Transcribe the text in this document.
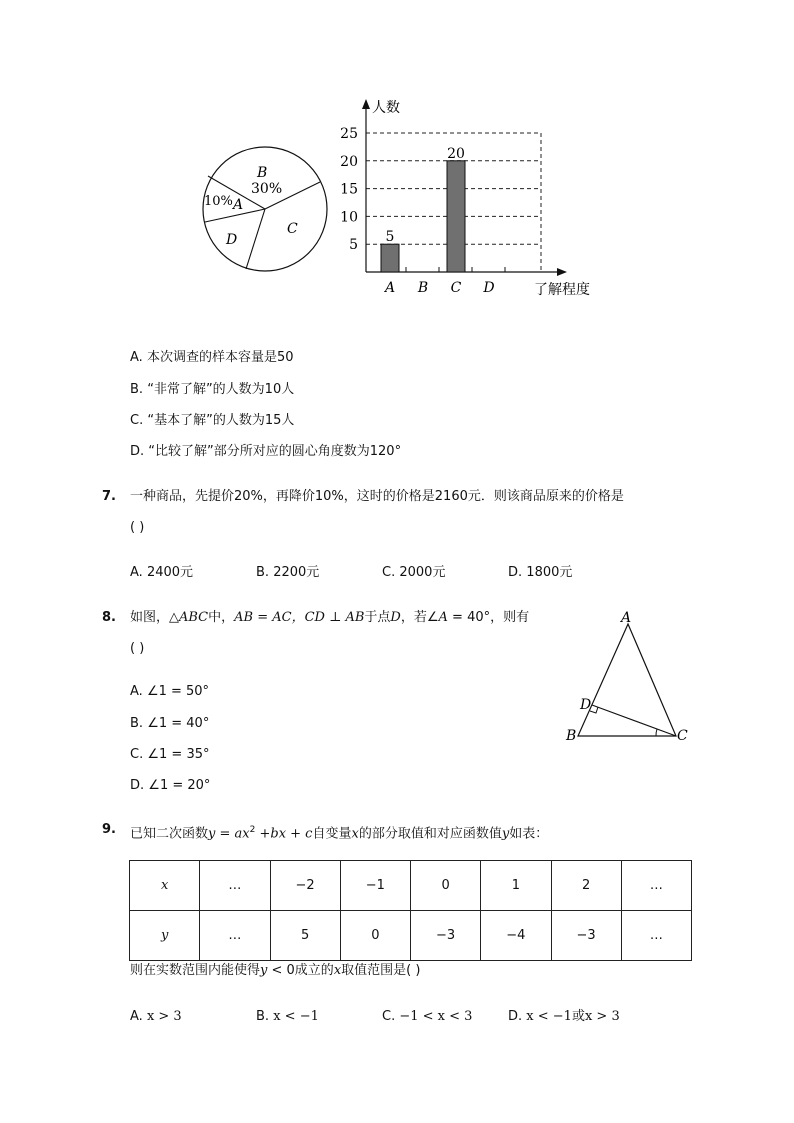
B
30%
10% A
C
D
人数
了解程度
5
10
15
20
25
A B C D
5
20
A. 本次调查的样本容量是50
B. “非常了解”的人数为10人
C. “基本了解”的人数为15人
D. “比较了解”部分所对应的圆心角度数为120°
7. 一种商品，先提价20%，再降价10%，这时的价格是2160元．则该商品原来的价格是
( )
A. 2400元	B. 2200元	C. 2000元	D. 1800元
8. 如图，△ABC中，AB = AC，CD ⊥ AB于点D，若∠A = 40°，则有
( )
A. ∠1 = 50°
B. ∠1 = 40°
C. ∠1 = 35°
D. ∠1 = 20°
A
B	C
D
9. 已知二次函数$y = ax^2 +bx + c$自变量x的部分取值和对应函数值y如表：
x	…	−2	−1	0	1	2	…
y	…	5	0	−3	−4	−3	…
则在实数范围内能使得y < 0成立的x取值范围是( )
A. x > 3	B. x < −1	C. −1 < x < 3	D. x < −1或x > 3
